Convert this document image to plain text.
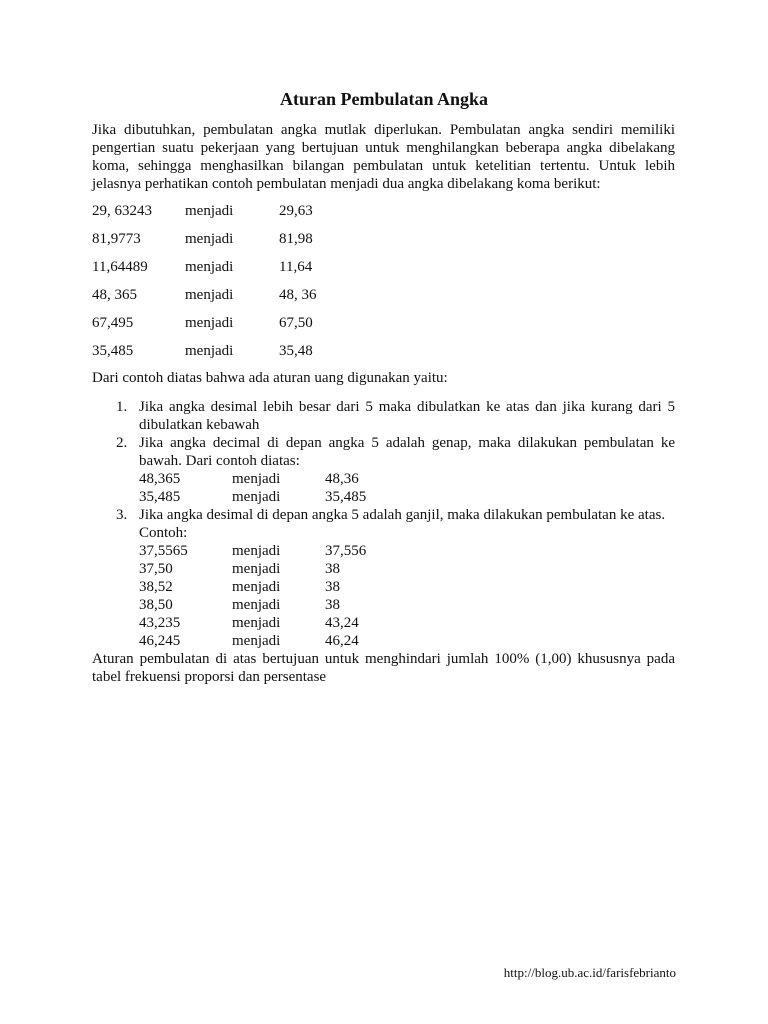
Aturan Pembulatan Angka

Jika dibutuhkan, pembulatan angka mutlak diperlukan. Pembulatan angka sendiri memiliki pengertian suatu pekerjaan yang bertujuan untuk menghilangkan beberapa angka dibelakang koma, sehingga menghasilkan bilangan pembulatan untuk ketelitian tertentu. Untuk lebih jelasnya perhatikan contoh pembulatan menjadi dua angka dibelakang koma berikut:

29, 63243 menjadi	29,63
81,9773	menjadi	81,98
11,64489 menjadi	11,64
48, 365	menjadi	48, 36
67,495	menjadi	67,50
35,485	menjadi	35,48

Dari contoh diatas bahwa ada aturan uang digunakan yaitu:

1. Jika angka desimal lebih besar dari 5 maka dibulatkan ke atas dan jika kurang dari 5 dibulatkan kebawah
2. Jika angka decimal di depan angka 5 adalah genap, maka dilakukan pembulatan ke bawah. Dari contoh diatas:
48,365	menjadi	48,36
35,485	menjadi	35,485
3. Jika angka desimal di depan angka 5 adalah ganjil, maka dilakukan pembulatan ke atas.
Contoh:
37,5565	menjadi	37,556
37,50	menjadi	38
38,52	menjadi	38
38,50	menjadi	38
43,235	menjadi	43,24
46,245	menjadi	46,24

Aturan pembulatan di atas bertujuan untuk menghindari jumlah 100% (1,00) khususnya pada tabel frekuensi proporsi dan persentase

http://blog.ub.ac.id/farisfebrianto
